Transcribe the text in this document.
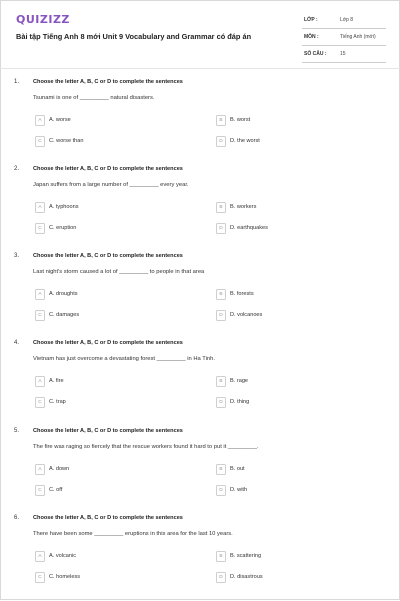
QUIZIZZ
Bài tập Tiếng Anh 8 mới Unit 9 Vocabulary and Grammar có đáp án
LỚP :	Lớp 8
MÔN :	Tiếng Anh (mới)
SỐ CÂU :	15
1. Choose the letter A, B, C or D to complete the sentences
Tsunami is one of _________ natural disasters.
A	A. worse	B	B. worst
C	C. worse than	D	D. the worst
2. Choose the letter A, B, C or D to complete the sentences
Japan suffers from a large number of _________ every year.
A	A. typhoons	B	B. workers
C	C. eruption	D	D. earthquakes
3. Choose the letter A, B, C or D to complete the sentences
Last night's storm caused a lot of _________ to people in that area
A	A. droughts	B	B. forests
C	C. damages	D	D. volcanoes
4. Choose the letter A, B, C or D to complete the sentences
Vietnam has just overcome a devastating forest _________ in Ha Tinh.
A	A. fire	B	B. rage
C	C. trap	D	D. thing
5. Choose the letter A, B, C or D to complete the sentences
The fire was raging so fiercely that the rescue workers found it hard to put it _________.
A	A. down	B	B. out
C	C. off	D	D. with
6. Choose the letter A, B, C or D to complete the sentences
There have been some _________ eruptions in this area for the last 10 years.
A	A. volcanic	B	B. scattering
C	C. homeless	D	D. disastrous
